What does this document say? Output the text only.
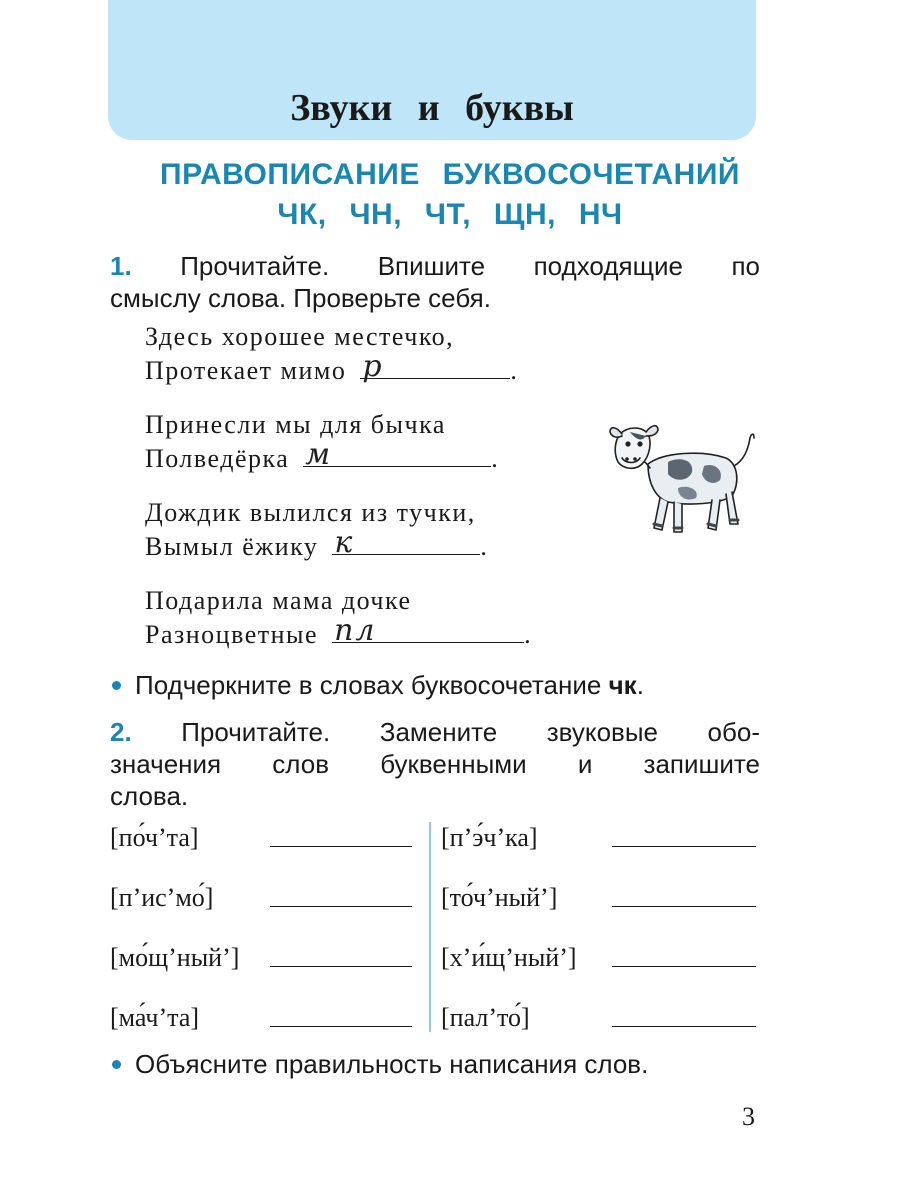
Звуки и буквы
ПРАВОПИСАНИЕ БУКВОСОЧЕТАНИЙ
ЧК, ЧН, ЧТ, ЩН, НЧ
1. Прочитайте. Впишите подходящие по
смыслу слова. Проверьте себя.
Здесь хорошее местечко,
Протекает мимо р	.
Принесли мы для бычка
Полведёрка м	.
Дождик вылился из тучки,
Вымыл ёжику к	.
Подарила мама дочке
Разноцветные пл	.
Подчеркните в словах буквосочетание чк.
2. Прочитайте. Замените звуковые обо-
значения слов буквенными и запишите
слова.
[по́ч’та]
[п’ис’мо́]
[мо́щ’ный’]
[ма́ч’та]
[п’э́ч’ка]
[то́ч’ный’]
[х’и́щ’ный’]
[пал’то́]
Объясните правильность написания слов.
3
